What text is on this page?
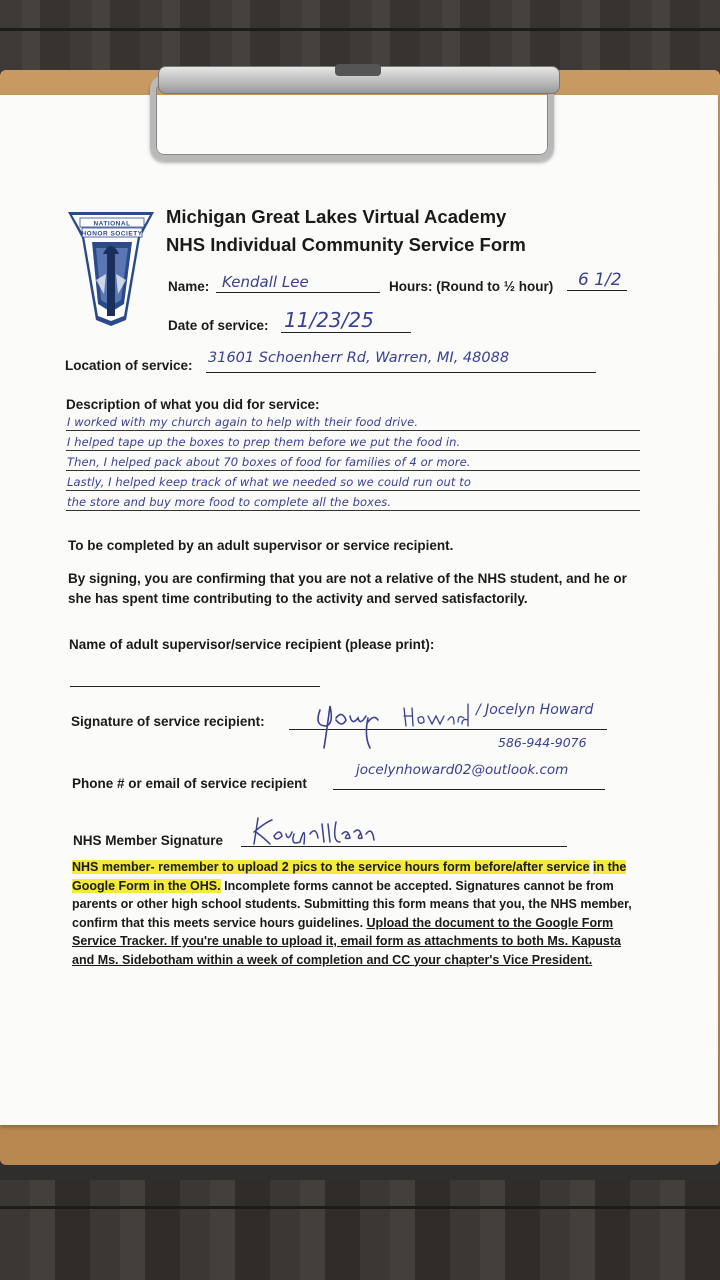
NATIONAL
HONOR SOCIETY
Michigan Great Lakes Virtual Academy
NHS Individual Community Service Form
Name: Kendall Lee	Hours: (Round to ½ hour) 6 1/2
Date of service: 11/23/25
Location of service: 31601 Schoenherr Rd, Warren, MI, 48088
Description of what you did for service:
I worked with my church again to help with their food drive.
I helped tape up the boxes to prep them before we put the food in.
Then, I helped pack about 70 boxes of food for families of 4 or more.
Lastly, I helped keep track of what we needed so we could run out to
the store and buy more food to complete all the boxes.
To be completed by an adult supervisor or service recipient.
By signing, you are confirming that you are not a relative of the NHS student, and he or she has spent time contributing to the activity and served satisfactorily.
Name of adult supervisor/service recipient (please print):
Signature of service recipient:
/ Jocelyn Howard
586-944-9076
Phone # or email of service recipient
jocelynhoward02@outlook.com
NHS Member Signature
NHS member- remember to upload 2 pics to the service hours form before/after service in the Google Form in the OHS. Incomplete forms cannot be accepted. Signatures cannot be from parents or other high school students. Submitting this form means that you, the NHS member, confirm that this meets service hours guidelines. Upload the document to the Google Form Service Tracker. If you're unable to upload it, email form as attachments to both Ms. Kapusta and Ms. Sidebotham within a week of completion and CC your chapter's Vice President.
